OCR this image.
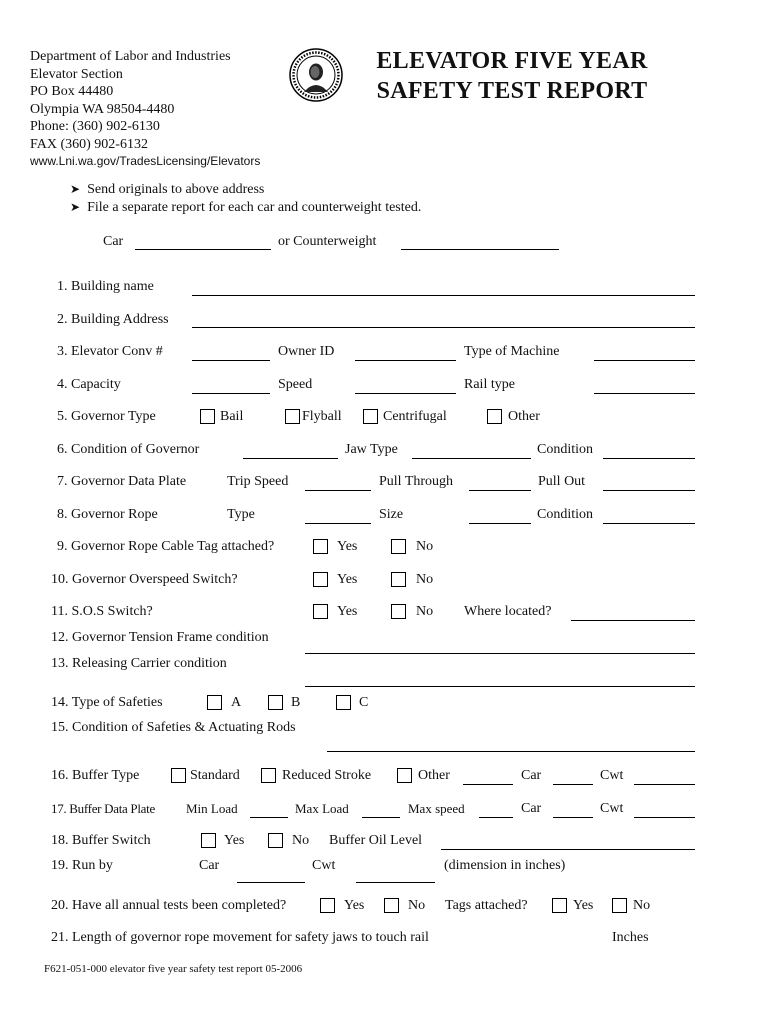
Department of Labor and Industries
Elevator Section
PO Box 44480
Olympia WA 98504-4480
Phone: (360) 902-6130
FAX (360) 902-6132
www.Lni.wa.gov/TradesLicensing/Elevators
ELEVATOR FIVE YEAR
SAFETY TEST REPORT
➤ Send originals to above address
➤ File a separate report for each car and counterweight tested.
Car	or Counterweight
1. Building name
2. Building Address
3. Elevator Conv #	Owner ID	Type of Machine
4. Capacity	Speed	Rail type
5. Governor Type	Bail	Flyball	Centrifugal	Other
6. Condition of Governor	Jaw Type	Condition
7. Governor Data Plate	Trip Speed	Pull Through	Pull Out
8. Governor Rope	Type	Size	Condition
9. Governor Rope Cable Tag attached?	Yes	No
10. Governor Overspeed Switch?	Yes	No
11. S.O.S Switch?	Yes	No Where located?
12. Governor Tension Frame condition
13. Releasing Carrier condition
14. Type of Safeties	A	B	C
15. Condition of Safeties & Actuating Rods
16. Buffer Type	Standard	Reduced Stroke	Other	Car	Cwt
17. Buffer Data Plate Min Load	Max Load	Max speed	Car	Cwt
18. Buffer Switch	Yes	No Buffer Oil Level
19. Run by	Car	Cwt	(dimension in inches)
20. Have all annual tests been completed?	Yes	No Tags attached?	Yes	No
21. Length of governor rope movement for safety jaws to touch rail	Inches
F621-051-000 elevator five year safety test report 05-2006
